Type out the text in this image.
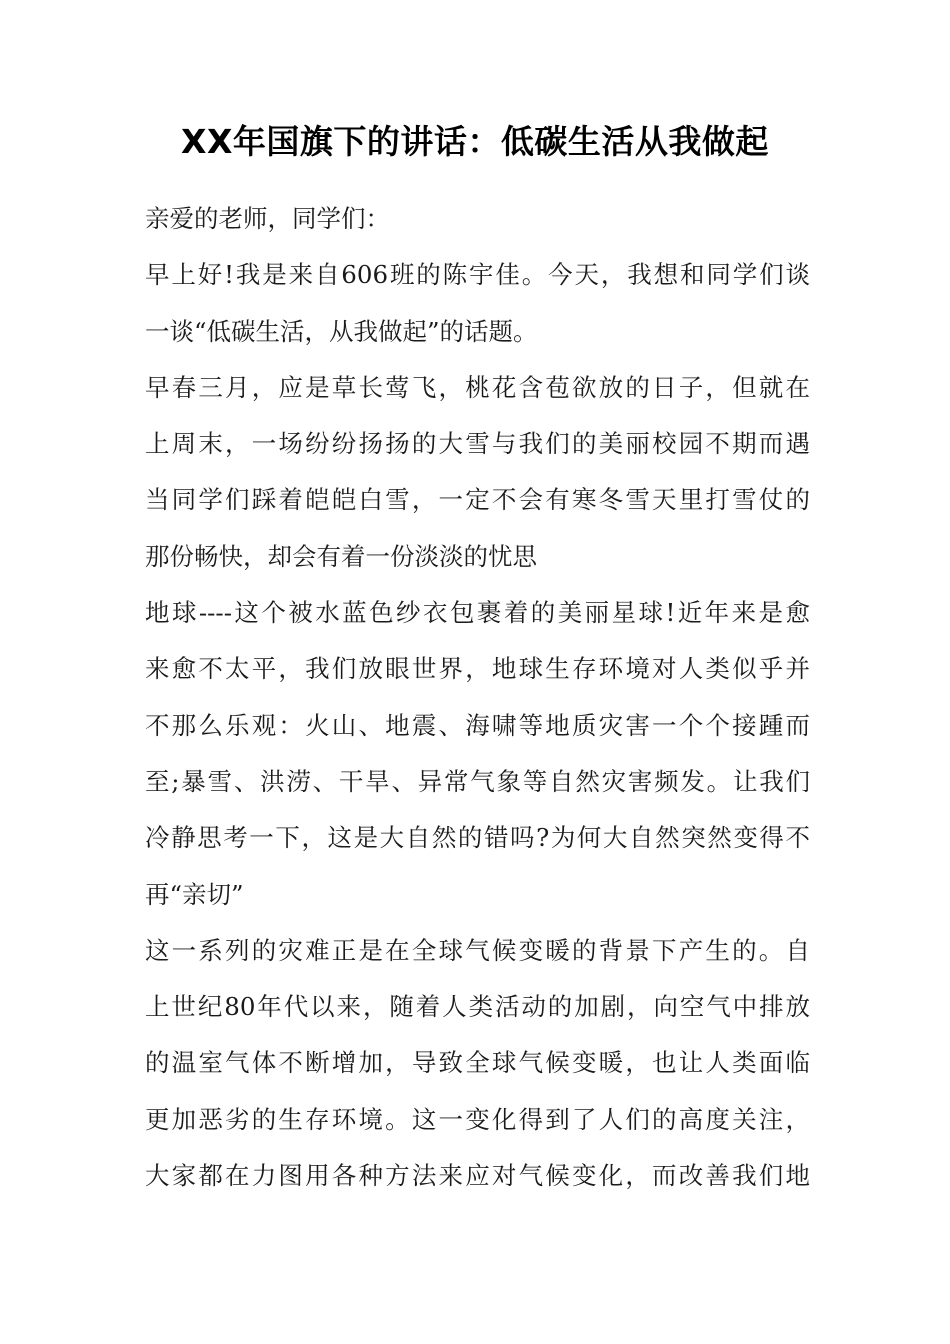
XX年国旗下的讲话：低碳生活从我做起
亲爱的老师，同学们：
早上好!我是来自606班的陈宇佳。今天，我想和同学们谈
一谈“低碳生活，从我做起”的话题。
早春三月，应是草长莺飞，桃花含苞欲放的日子，但就在
上周末，一场纷纷扬扬的大雪与我们的美丽校园不期而遇
当同学们踩着皑皑白雪，一定不会有寒冬雪天里打雪仗的
那份畅快，却会有着一份淡淡的忧思
地球----这个被水蓝色纱衣包裹着的美丽星球!近年来是愈
来愈不太平，我们放眼世界，地球生存环境对人类似乎并
不那么乐观：火山、地震、海啸等地质灾害一个个接踵而
至;暴雪、洪涝、干旱、异常气象等自然灾害频发。让我们
冷静思考一下，这是大自然的错吗?为何大自然突然变得不
再“亲切”
这一系列的灾难正是在全球气候变暖的背景下产生的。自
上世纪80年代以来，随着人类活动的加剧，向空气中排放
的温室气体不断增加，导致全球气候变暖，也让人类面临
更加恶劣的生存环境。这一变化得到了人们的高度关注，
大家都在力图用各种方法来应对气候变化，而改善我们地
